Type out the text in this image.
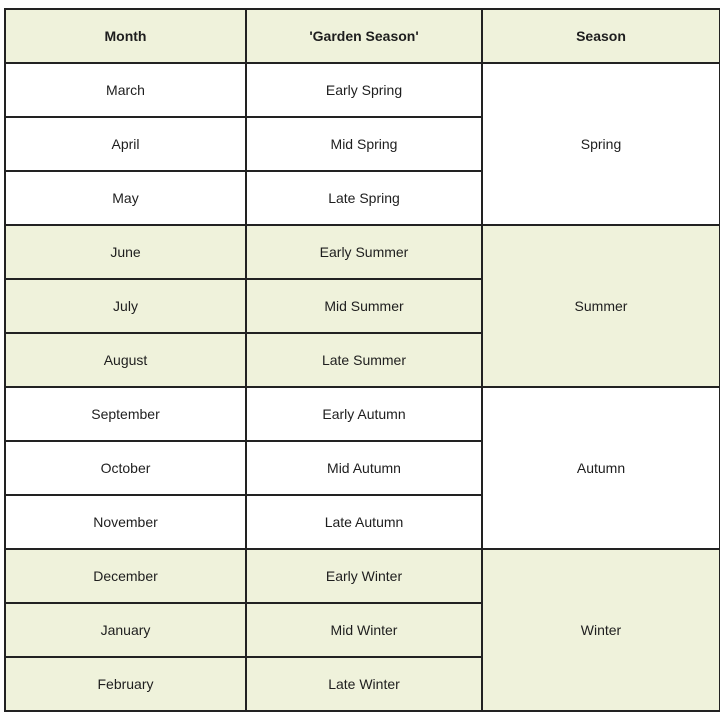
Month	'Garden Season'	Season
March	Early Spring	Spring
April	Mid Spring	
May	Late Spring	
June	Early Summer	Summer
July	Mid Summer	
August	Late Summer	
September	Early Autumn	Autumn
October	Mid Autumn	
November	Late Autumn	
December	Early Winter	Winter
January	Mid Winter	
February	Late Winter	
